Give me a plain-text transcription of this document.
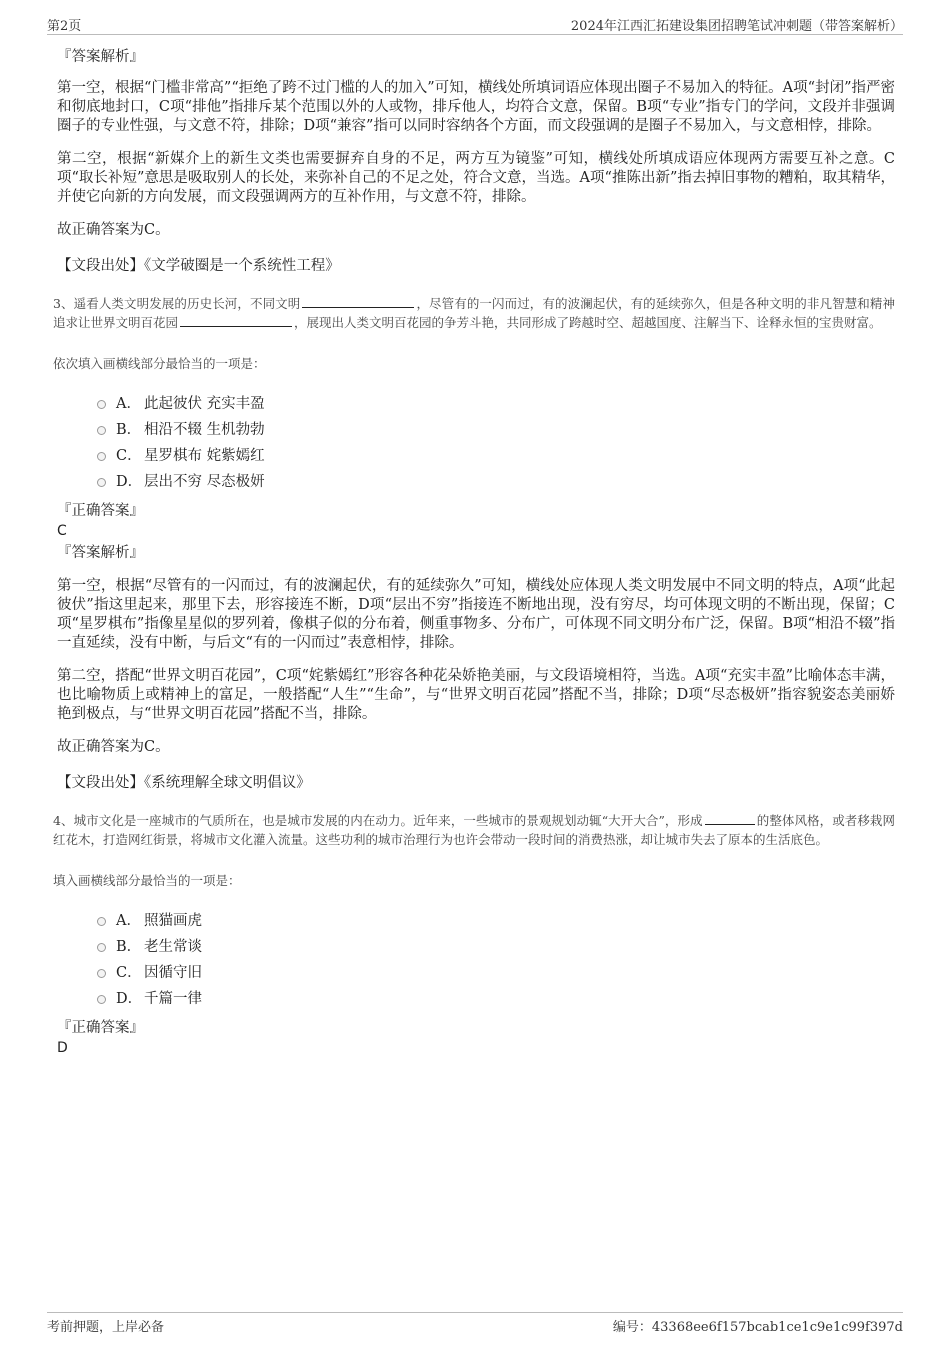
第2页	2024年江西汇拓建设集团招聘笔试冲刺题（带答案解析）

『答案解析』

第一空，根据“门槛非常高”“拒绝了跨不过门槛的人的加入”可知，横线处所填词语应体现出圈子不易加入的特征。A项“封闭”指严密和彻底地封口，C项“排他”指排斥某个范围以外的人或物，排斥他人，均符合文意，保留。B项“专业”指专门的学问，文段并非强调圈子的专业性强，与文意不符，排除；D项“兼容”指可以同时容纳各个方面，而文段强调的是圈子不易加入，与文意相悖，排除。

第二空，根据“新媒介上的新生文类也需要摒弃自身的不足，两方互为镜鉴”可知，横线处所填成语应体现两方需要互补之意。C项“取长补短”意思是吸取别人的长处，来弥补自己的不足之处，符合文意，当选。A项“推陈出新”指去掉旧事物的糟粕，取其精华，并使它向新的方向发展，而文段强调两方的互补作用，与文意不符，排除。

故正确答案为C。

【文段出处】《文学破圈是一个系统性工程》

3、遥看人类文明发展的历史长河，不同文明	，尽管有的一闪而过，有的波澜起伏，有的延续弥久，但是各种文明的非凡智慧和精神追求让世界文明百花园	，展现出人类文明百花园的争芳斗艳，共同形成了跨越时空、超越国度、注解当下、诠释永恒的宝贵财富。

依次填入画横线部分最恰当的一项是：

A． 此起彼伏 充实丰盈
B． 相沿不辍 生机勃勃
C． 星罗棋布 姹紫嫣红
D． 层出不穷 尽态极妍

『正确答案』

C

『答案解析』

第一空，根据“尽管有的一闪而过，有的波澜起伏，有的延续弥久”可知，横线处应体现人类文明发展中不同文明的特点，A项“此起彼伏”指这里起来，那里下去，形容接连不断，D项“层出不穷”指接连不断地出现，没有穷尽，均可体现文明的不断出现，保留；C项“星罗棋布”指像星星似的罗列着，像棋子似的分布着，侧重事物多、分布广，可体现不同文明分布广泛，保留。B项“相沿不辍”指一直延续，没有中断，与后文“有的一闪而过”表意相悖，排除。

第二空，搭配“世界文明百花园”，C项“姹紫嫣红”形容各种花朵娇艳美丽，与文段语境相符，当选。A项“充实丰盈”比喻体态丰满，也比喻物质上或精神上的富足，一般搭配“人生”“生命”，与“世界文明百花园”搭配不当，排除；D项“尽态极妍”指容貌姿态美丽娇艳到极点，与“世界文明百花园”搭配不当，排除。

故正确答案为C。

【文段出处】《系统理解全球文明倡议》

4、城市文化是一座城市的气质所在，也是城市发展的内在动力。近年来，一些城市的景观规划动辄“大开大合”，形成	的整体风格，或者移栽网红花木，打造网红街景，将城市文化灌入流量。这些功利的城市治理行为也许会带动一段时间的消费热涨，却让城市失去了原本的生活底色。

填入画横线部分最恰当的一项是：

A． 照猫画虎
B． 老生常谈
C． 因循守旧
D． 千篇一律

『正确答案』

D

考前押题，上岸必备	编号：43368ee6f157bcab1ce1c9e1c99f397d
